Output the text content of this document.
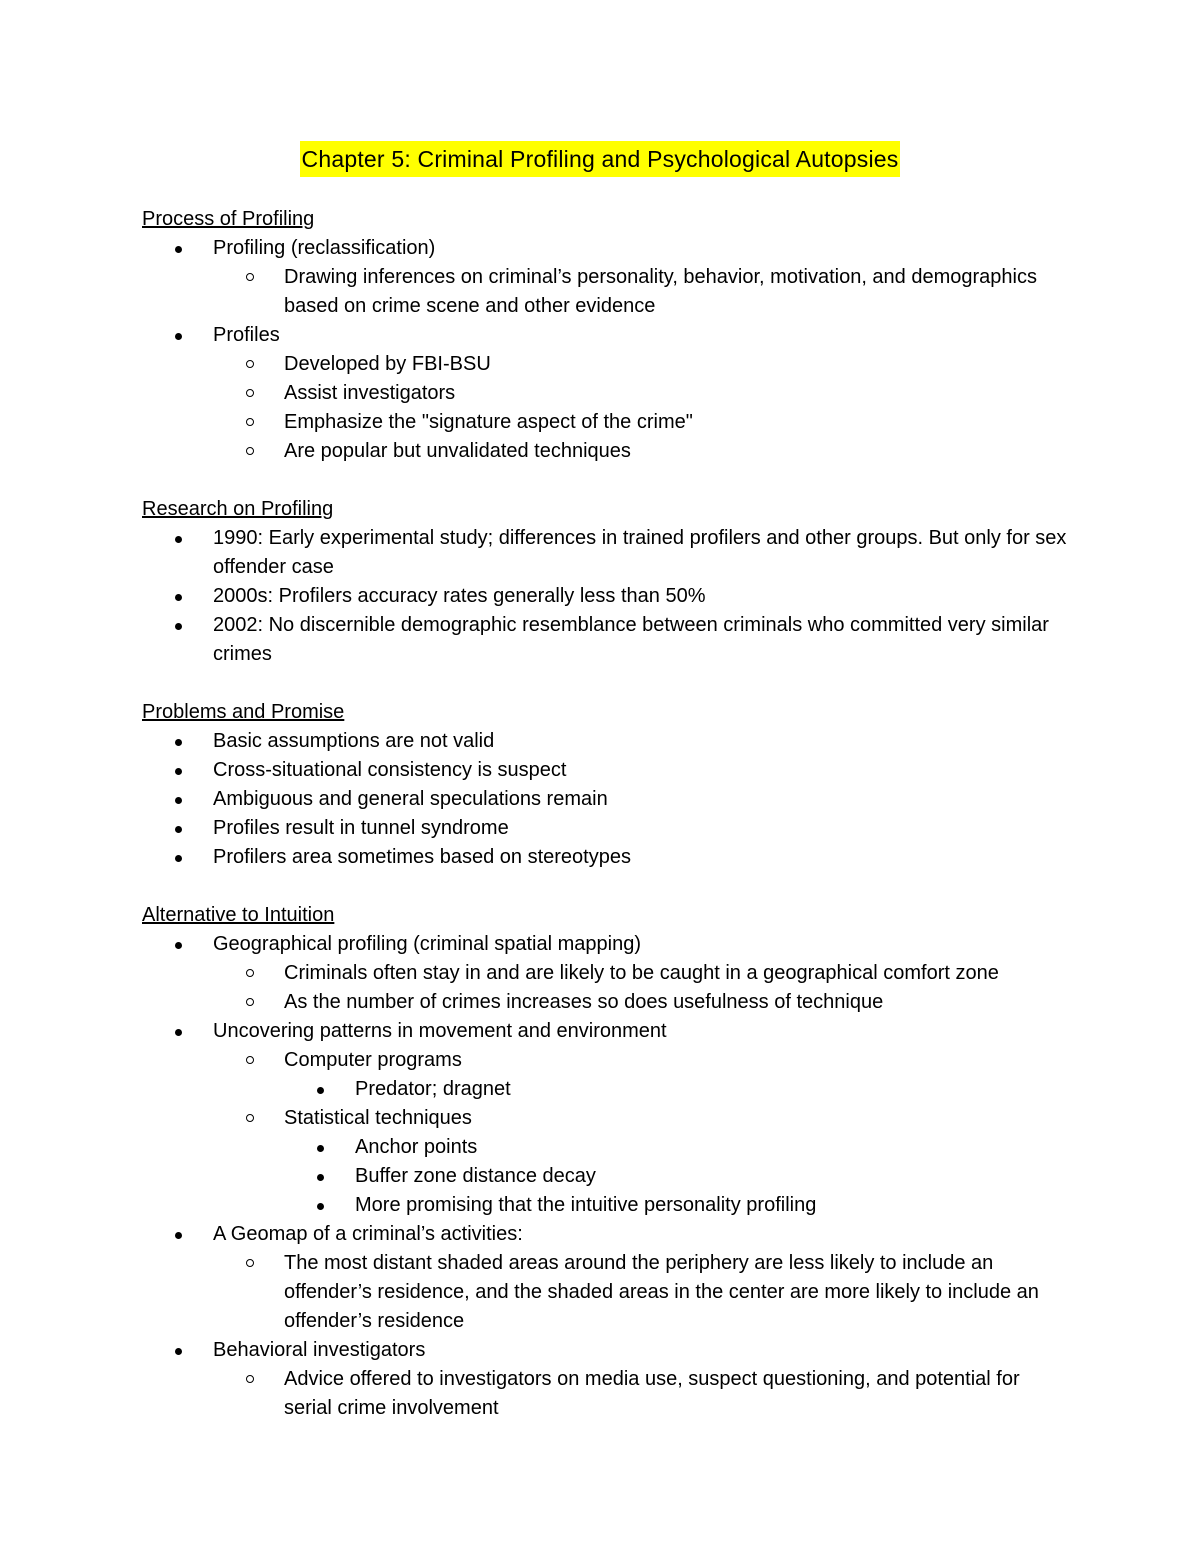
Chapter 5: Criminal Profiling and Psychological Autopsies
Process of Profiling
Profiling (reclassification)
Drawing inferences on criminal’s personality, behavior, motivation, and demographics based on crime scene and other evidence
Profiles
Developed by FBI-BSU
Assist investigators
Emphasize the "signature aspect of the crime"
Are popular but unvalidated techniques
Research on Profiling
1990: Early experimental study; differences in trained profilers and other groups. But only for sex offender case
2000s: Profilers accuracy rates generally less than 50%
2002: No discernible demographic resemblance between criminals who committed very similar crimes
Problems and Promise
Basic assumptions are not valid
Cross-situational consistency is suspect
Ambiguous and general speculations remain
Profiles result in tunnel syndrome
Profilers area sometimes based on stereotypes
Alternative to Intuition
Geographical profiling (criminal spatial mapping)
Criminals often stay in and are likely to be caught in a geographical comfort zone
As the number of crimes increases so does usefulness of technique
Uncovering patterns in movement and environment
Computer programs
Predator; dragnet
Statistical techniques
Anchor points
Buffer zone distance decay
More promising that the intuitive personality profiling
A Geomap of a criminal’s activities:
The most distant shaded areas around the periphery are less likely to include an offender’s residence, and the shaded areas in the center are more likely to include an offender’s residence
Behavioral investigators
Advice offered to investigators on media use, suspect questioning, and potential for serial crime involvement
